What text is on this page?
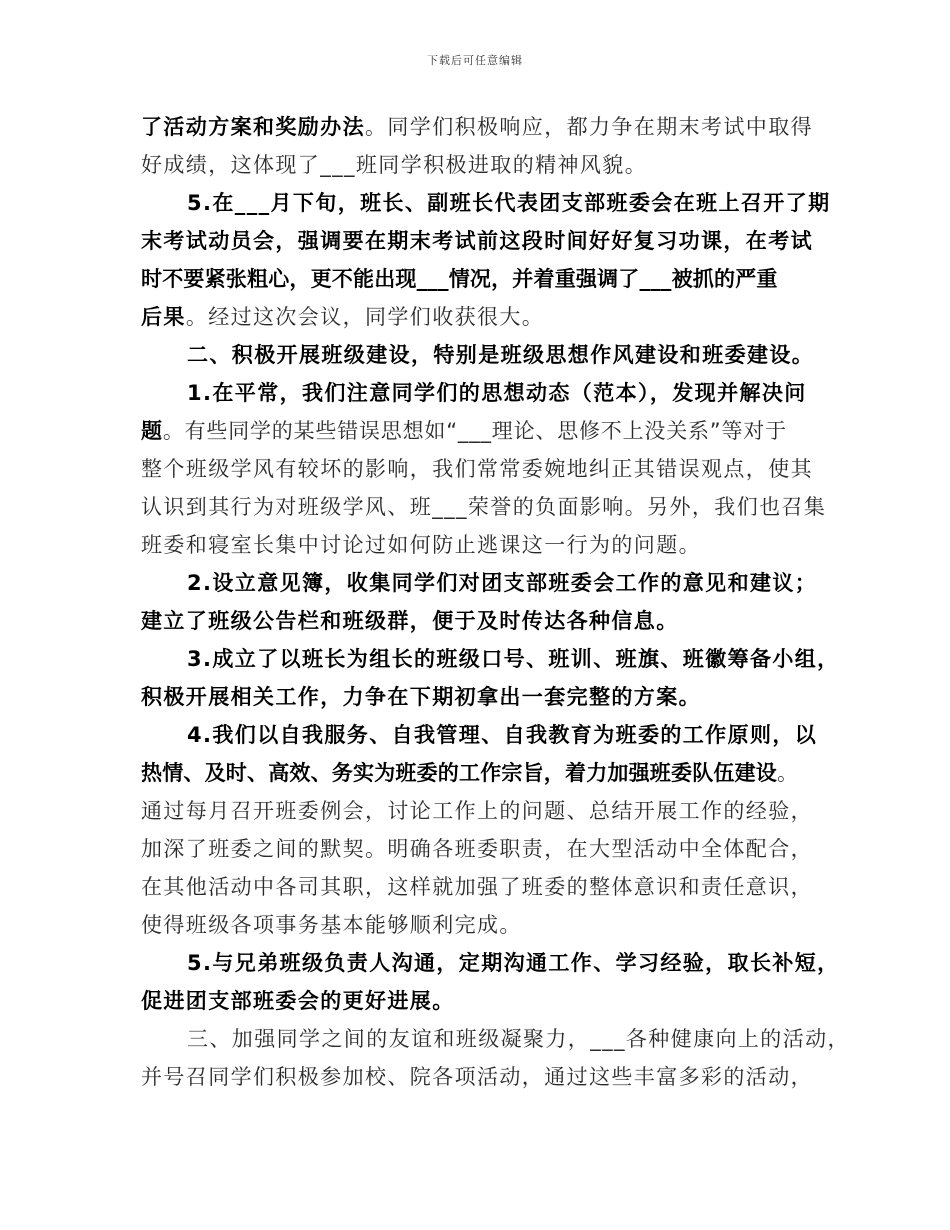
下载后可任意编辑
了活动方案和奖励办法。同学们积极响应，都力争在期末考试中取得
好成绩，这体现了___班同学积极进取的精神风貌。
5.在___月下旬，班长、副班长代表团支部班委会在班上召开了期
末考试动员会，强调要在期末考试前这段时间好好复习功课，在考试
时不要紧张粗心，更不能出现___情况，并着重强调了___被抓的严重
后果。经过这次会议，同学们收获很大。
二、积极开展班级建设，特别是班级思想作风建设和班委建设。
1.在平常，我们注意同学们的思想动态（范本），发现并解决问
题。有些同学的某些错误思想如“___理论、思修不上没关系”等对于
整个班级学风有较坏的影响，我们常常委婉地纠正其错误观点，使其
认识到其行为对班级学风、班___荣誉的负面影响。另外，我们也召集
班委和寝室长集中讨论过如何防止逃课这一行为的问题。
2.设立意见簿，收集同学们对团支部班委会工作的意见和建议；
建立了班级公告栏和班级群，便于及时传达各种信息。
3.成立了以班长为组长的班级口号、班训、班旗、班徽筹备小组，
积极开展相关工作，力争在下期初拿出一套完整的方案。
4.我们以自我服务、自我管理、自我教育为班委的工作原则，以
热情、及时、高效、务实为班委的工作宗旨，着力加强班委队伍建设。
通过每月召开班委例会，讨论工作上的问题、总结开展工作的经验，
加深了班委之间的默契。明确各班委职责，在大型活动中全体配合，
在其他活动中各司其职，这样就加强了班委的整体意识和责任意识，
使得班级各项事务基本能够顺利完成。
5.与兄弟班级负责人沟通，定期沟通工作、学习经验，取长补短，
促进团支部班委会的更好进展。
三、加强同学之间的友谊和班级凝聚力，___各种健康向上的活动，
并号召同学们积极参加校、院各项活动，通过这些丰富多彩的活动，
